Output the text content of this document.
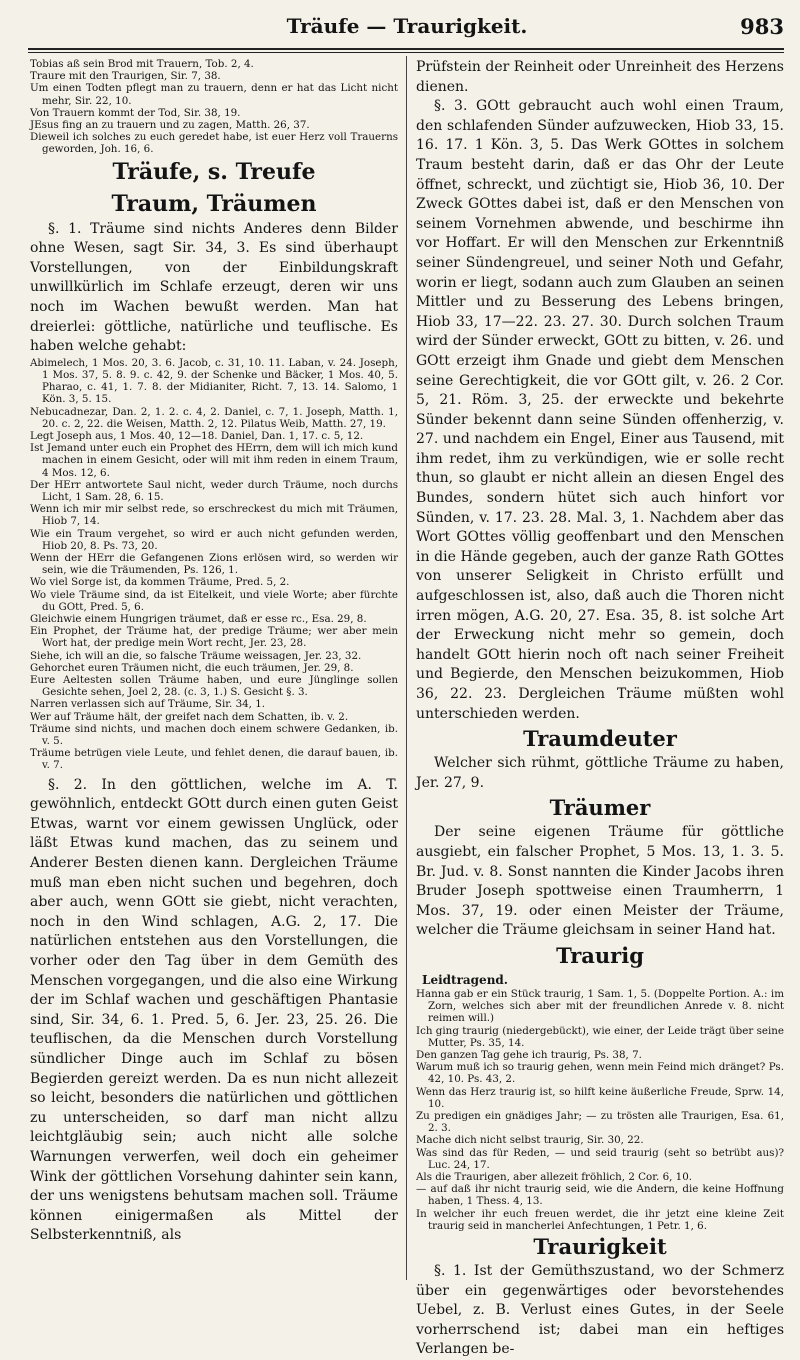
Träufe — Traurigkeit.	983

Tobias aß sein Brod mit Trauern, Tob. 2, 4.

Traure mit den Traurigen, Sir. 7, 38.

Um einen Todten pflegt man zu trauern, denn er hat das Licht nicht mehr, Sir. 22, 10.

Von Trauern kommt der Tod, Sir. 38, 19.

JEsus fing an zu trauern und zu zagen, Matth. 26, 37.

Dieweil ich solches zu euch geredet habe, ist euer Herz voll Trauerns geworden, Joh. 16, 6.

Träufe, s. Treufe
Traum, Träumen

§. 1. Träume sind nichts Anderes denn Bilder ohne Wesen, sagt Sir. 34, 3. Es sind überhaupt Vorstellungen, von der Einbildungskraft unwillkürlich im Schlafe erzeugt, deren wir uns noch im Wachen bewußt werden. Man hat dreierlei: göttliche, natürliche und teuflische. Es haben welche gehabt:

Abimelech, 1 Mos. 20, 3. 6. Jacob, c. 31, 10. 11. Laban, v. 24. Joseph, 1 Mos. 37, 5. 8. 9. c. 42, 9. der Schenke und Bäcker, 1 Mos. 40, 5. Pharao, c. 41, 1. 7. 8. der Midianiter, Richt. 7, 13. 14. Salomo, 1 Kön. 3, 5. 15.

Nebucadnezar, Dan. 2, 1. 2. c. 4, 2. Daniel, c. 7, 1. Joseph, Matth. 1, 20. c. 2, 22. die Weisen, Matth. 2, 12. Pilatus Weib, Matth. 27, 19.

Legt Joseph aus, 1 Mos. 40, 12—18. Daniel, Dan. 1, 17. c. 5, 12.

Ist Jemand unter euch ein Prophet des HErrn, dem will ich mich kund machen in einem Gesicht, oder will mit ihm reden in einem Traum, 4 Mos. 12, 6.

Der HErr antwortete Saul nicht, weder durch Träume, noch durchs Licht, 1 Sam. 28, 6. 15.

Wenn ich mir mir selbst rede, so erschreckest du mich mit Träumen, Hiob 7, 14.

Wie ein Traum vergehet, so wird er auch nicht gefunden werden, Hiob 20, 8. Ps. 73, 20.

Wenn der HErr die Gefangenen Zions erlösen wird, so werden wir sein, wie die Träumenden, Ps. 126, 1.

Wo viel Sorge ist, da kommen Träume, Pred. 5, 2.

Wo viele Träume sind, da ist Eitelkeit, und viele Worte; aber fürchte du GOtt, Pred. 5, 6.

Gleichwie einem Hungrigen träumet, daß er esse rc., Esa. 29, 8.

Ein Prophet, der Träume hat, der predige Träume; wer aber mein Wort hat, der predige mein Wort recht, Jer. 23, 28.

Siehe, ich will an die, so falsche Träume weissagen, Jer. 23, 32.

Gehorchet euren Träumen nicht, die euch träumen, Jer. 29, 8.

Eure Aeltesten sollen Träume haben, und eure Jünglinge sollen Gesichte sehen, Joel 2, 28. (c. 3, 1.) S. Gesicht §. 3.

Narren verlassen sich auf Träume, Sir. 34, 1.

Wer auf Träume hält, der greifet nach dem Schatten, ib. v. 2.

Träume sind nichts, und machen doch einem schwere Gedanken, ib. v. 5.

Träume betrügen viele Leute, und fehlet denen, die darauf bauen, ib. v. 7.

§. 2. In den göttlichen, welche im A. T. gewöhnlich, entdeckt GOtt durch einen guten Geist Etwas, warnt vor einem gewissen Unglück, oder läßt Etwas kund machen, das zu seinem und Anderer Besten dienen kann. Dergleichen Träume muß man eben nicht suchen und begehren, doch aber auch, wenn GOtt sie giebt, nicht verachten, noch in den Wind schlagen, A.G. 2, 17. Die natürlichen entstehen aus den Vorstellungen, die vorher oder den Tag über in dem Gemüth des Menschen vorgegangen, und die also eine Wirkung der im Schlaf wachen und geschäftigen Phantasie sind, Sir. 34, 6. 1. Pred. 5, 6. Jer. 23, 25. 26. Die teuflischen, da die Menschen durch Vorstellung sündlicher Dinge auch im Schlaf zu bösen Begierden gereizt werden. Da es nun nicht allezeit so leicht, besonders die natürlichen und göttlichen zu unterscheiden, so darf man nicht allzu leichtgläubig sein; auch nicht alle solche Warnungen verwerfen, weil doch ein geheimer Wink der göttlichen Vorsehung dahinter sein kann, der uns wenigstens behutsam machen soll. Träume können einigermaßen als Mittel der Selbsterkenntniß, als

Prüfstein der Reinheit oder Unreinheit des Herzens dienen.

§. 3. GOtt gebraucht auch wohl einen Traum, den schlafenden Sünder aufzuwecken, Hiob 33, 15. 16. 17. 1 Kön. 3, 5. Das Werk GOttes in solchem Traum besteht darin, daß er das Ohr der Leute öffnet, schreckt, und züchtigt sie, Hiob 36, 10. Der Zweck GOttes dabei ist, daß er den Menschen von seinem Vornehmen abwende, und beschirme ihn vor Hoffart. Er will den Menschen zur Erkenntniß seiner Sündengreuel, und seiner Noth und Gefahr, worin er liegt, sodann auch zum Glauben an seinen Mittler und zu Besserung des Lebens bringen, Hiob 33, 17—22. 23. 27. 30. Durch solchen Traum wird der Sünder erweckt, GOtt zu bitten, v. 26. und GOtt erzeigt ihm Gnade und giebt dem Menschen seine Gerechtigkeit, die vor GOtt gilt, v. 26. 2 Cor. 5, 21. Röm. 3, 25. der erweckte und bekehrte Sünder bekennt dann seine Sünden offenherzig, v. 27. und nachdem ein Engel, Einer aus Tausend, mit ihm redet, ihm zu verkündigen, wie er solle recht thun, so glaubt er nicht allein an diesen Engel des Bundes, sondern hütet sich auch hinfort vor Sünden, v. 17. 23. 28. Mal. 3, 1. Nachdem aber das Wort GOttes völlig geoffenbart und den Menschen in die Hände gegeben, auch der ganze Rath GOttes von unserer Seligkeit in Christo erfüllt und aufgeschlossen ist, also, daß auch die Thoren nicht irren mögen, A.G. 20, 27. Esa. 35, 8. ist solche Art der Erweckung nicht mehr so gemein, doch handelt GOtt hierin noch oft nach seiner Freiheit und Begierde, den Menschen beizukommen, Hiob 36, 22. 23. Dergleichen Träume müßten wohl unterschieden werden.

Traumdeuter

Welcher sich rühmt, göttliche Träume zu haben, Jer. 27, 9.

Träumer

Der seine eigenen Träume für göttliche ausgiebt, ein falscher Prophet, 5 Mos. 13, 1. 3. 5. Br. Jud. v. 8. Sonst nannten die Kinder Jacobs ihren Bruder Joseph spottweise einen Traumherrn, 1 Mos. 37, 19. oder einen Meister der Träume, welcher die Träume gleichsam in seiner Hand hat.

Traurig
Leidtragend.

Hanna gab er ein Stück traurig, 1 Sam. 1, 5. (Doppelte Portion. A.: im Zorn, welches sich aber mit der freundlichen Anrede v. 8. nicht reimen will.)

Ich ging traurig (niedergebückt), wie einer, der Leide trägt über seine Mutter, Ps. 35, 14.

Den ganzen Tag gehe ich traurig, Ps. 38, 7.

Warum muß ich so traurig gehen, wenn mein Feind mich dränget? Ps. 42, 10. Ps. 43, 2.

Wenn das Herz traurig ist, so hilft keine äußerliche Freude, Sprw. 14, 10.

Zu predigen ein gnädiges Jahr; — zu trösten alle Traurigen, Esa. 61, 2. 3.

Mache dich nicht selbst traurig, Sir. 30, 22.

Was sind das für Reden, — und seid traurig (seht so betrübt aus)? Luc. 24, 17.

Als die Traurigen, aber allezeit fröhlich, 2 Cor. 6, 10.

— auf daß ihr nicht traurig seid, wie die Andern, die keine Hoffnung haben, 1 Thess. 4, 13.

In welcher ihr euch freuen werdet, die ihr jetzt eine kleine Zeit traurig seid in mancherlei Anfechtungen, 1 Petr. 1, 6.

Traurigkeit

§. 1. Ist der Gemüthszustand, wo der Schmerz über ein gegenwärtiges oder bevorstehendes Uebel, z. B. Verlust eines Gutes, in der Seele vorherrschend ist; dabei man ein heftiges Verlangen be-
